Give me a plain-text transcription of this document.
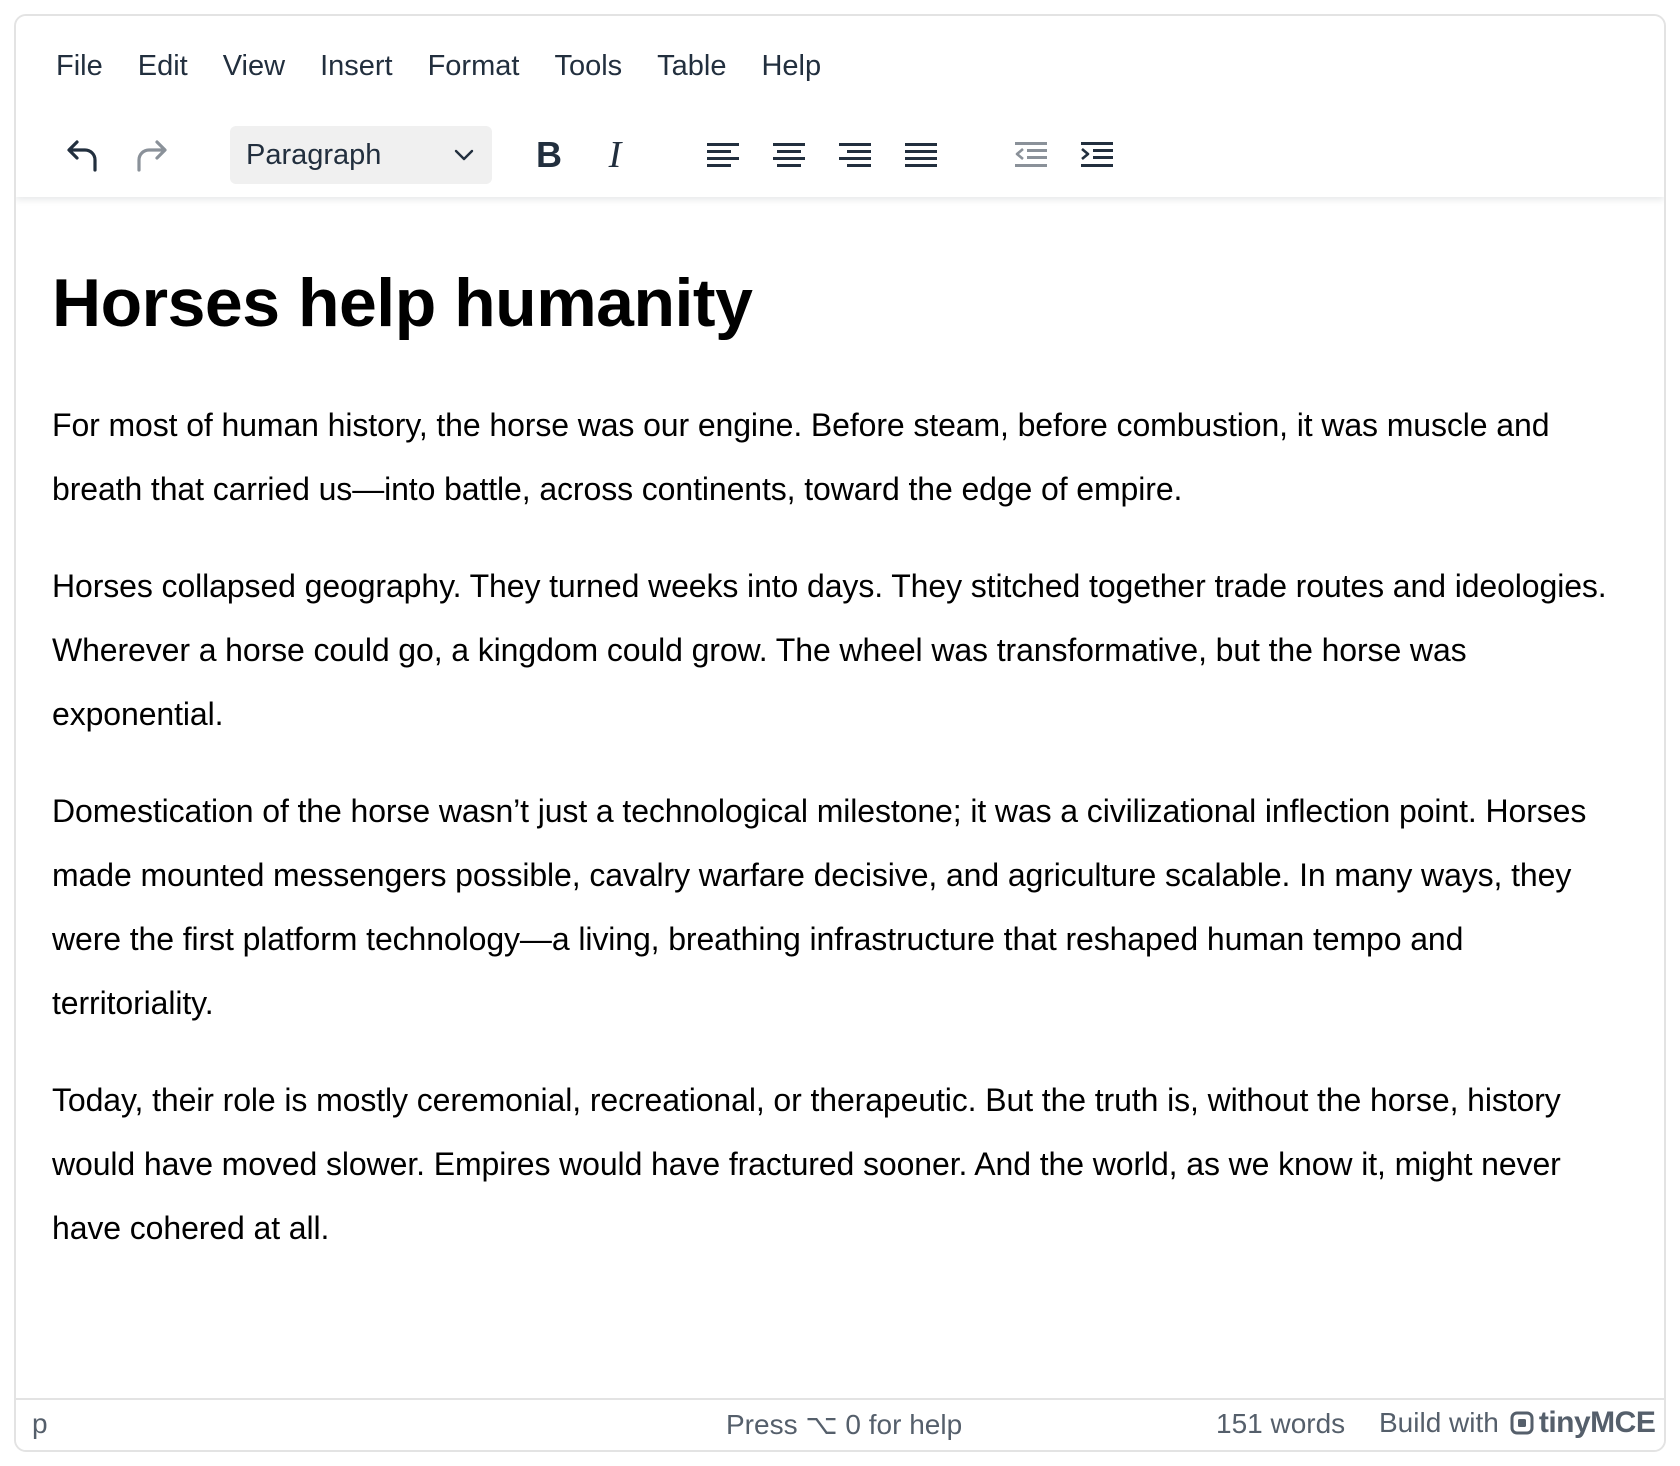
File	Edit	View	Insert	Format	Tools	Table	Help
Paragraph	B I
Horses help humanity

For most of human history, the horse was our engine. Before steam, before combustion, it was muscle and breath that carried us—into battle, across continents, toward the edge of empire.

Horses collapsed geography. They turned weeks into days. They stitched together trade routes and ideologies. Wherever a horse could go, a kingdom could grow. The wheel was transformative, but the horse was exponential.

Domestication of the horse wasn’t just a technological milestone; it was a civilizational inflection point. Horses made mounted messengers possible, cavalry warfare decisive, and agriculture scalable. In many ways, they were the first platform technology—a living, breathing infrastructure that reshaped human tempo and territoriality.

Today, their role is mostly ceremonial, recreational, or therapeutic. But the truth is, without the horse, history would have moved slower. Empires would have fractured sooner. And the world, as we know it, might never have cohered at all.

p	Press ⌥ 0 for help	151 words Build with tinyMCE
